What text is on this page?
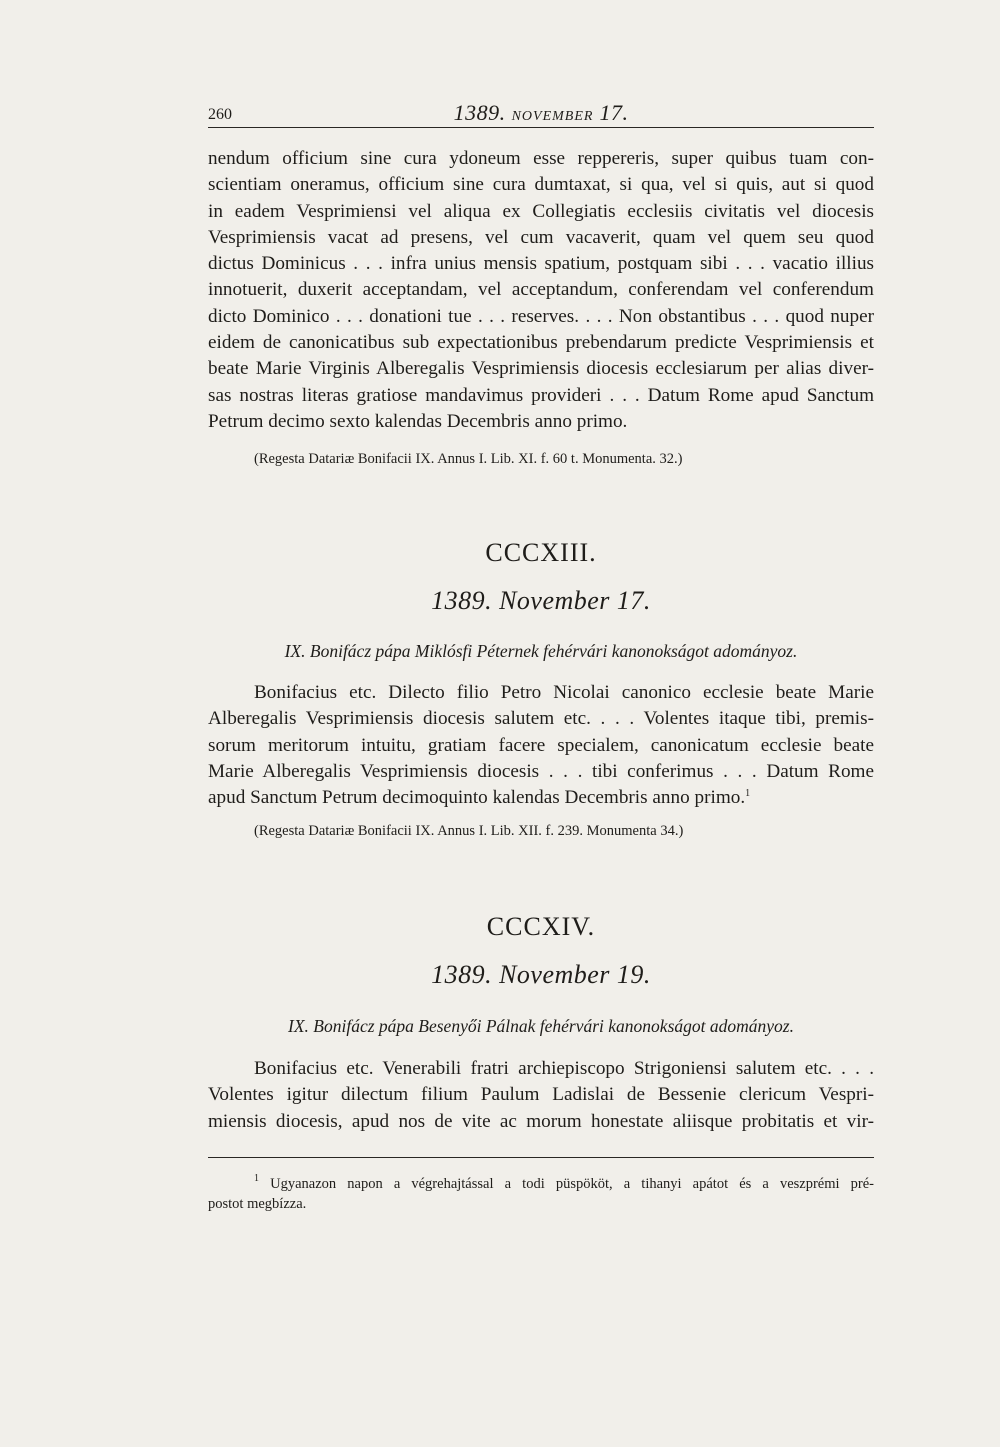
260	1389. NOVEMBER 17.
nendum officium sine cura ydoneum esse reppereris, super quibus tuam con-
scientiam oneramus, officium sine cura dumtaxat, si qua, vel si quis, aut si quod
in eadem Vesprimiensi vel aliqua ex Collegiatis ecclesiis civitatis vel diocesis
Vesprimiensis vacat ad presens, vel cum vacaverit, quam vel quem seu quod
dictus Dominicus . . . infra unius mensis spatium, postquam sibi . . . vacatio illius
innotuerit, duxerit acceptandam, vel acceptandum, conferendam vel conferendum
dicto Dominico . . . donationi tue . . . reserves. . . . Non obstantibus . . . quod nuper
eidem de canonicatibus sub expectationibus prebendarum predicte Vesprimiensis et
beate Marie Virginis Alberegalis Vesprimiensis diocesis ecclesiarum per alias diver-
sas nostras literas gratiose mandavimus provideri . . . Datum Rome apud Sanctum
Petrum decimo sexto kalendas Decembris anno primo.
(Regesta Datariæ Bonifacii IX. Annus I. Lib. XI. f. 60 t. Monumenta. 32.)
CCCXIII.
1389. November 17.
IX. Bonifácz pápa Miklósfi Péternek fehérvári kanonokságot adományoz.
Bonifacius etc. Dilecto filio Petro Nicolai canonico ecclesie beate Marie
Alberegalis Vesprimiensis diocesis salutem etc. . . . Volentes itaque tibi, premis-
sorum meritorum intuitu, gratiam facere specialem, canonicatum ecclesie beate
Marie Alberegalis Vesprimiensis diocesis . . . tibi conferimus . . . Datum Rome
apud Sanctum Petrum decimoquinto kalendas Decembris anno primo.$^1$
(Regesta Datariæ Bonifacii IX. Annus I. Lib. XII. f. 239. Monumenta 34.)
CCCXIV.
1389. November 19.
IX. Bonifácz pápa Besenyői Pálnak fehérvári kanonokságot adományoz.
Bonifacius etc. Venerabili fratri archiepiscopo Strigoniensi salutem etc. . . .
Volentes igitur dilectum filium Paulum Ladislai de Bessenie clericum Vespri-
miensis diocesis, apud nos de vite ac morum honestate aliisque probitatis et vir-
$^1$ Ugyanazon napon a végrehajtással a todi püspököt, a tihanyi apátot és a veszprémi pré-
postot megbízza.
